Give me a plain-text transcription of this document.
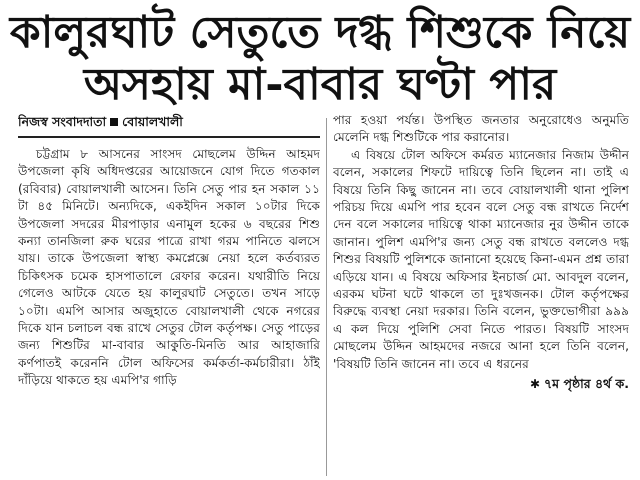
কালুরঘাট সেতুতে দগ্ধ শিশুকে নিয়ে
অসহায় মা-বাবার ঘণ্টা পার
নিজস্ব সংবাদদাতা বোয়ালখালী

চট্টগ্রাম ৮ আসনের সাংসদ মোছলেম উদ্দিন আহমদ উপজেলা কৃষি অধিদপ্তরের আয়োজনে যোগ দিতে গতকাল (রবিবার) বোয়ালখালী আসেন। তিনি সেতু পার হন সকাল ১১ টা ৪৫ মিনিটে। অন্যদিকে, একইদিন সকাল ১০টার দিকে উপজেলা সদরের মীরপাড়ার এনামুল হকের ৬ বছরের শিশু কন্যা তানজিলা রুক ঘরের পাত্রে রাখা গরম পানিতে ঝলসে যায়। তাকে উপজেলা স্বাস্থ্য কমপ্লেক্সে নেয়া হলে কর্তব্যরত চিকিৎসক চমেক হাসপাতালে রেফার করেন। যথারীতি নিয়ে গেলেও আটকে যেতে হয় কালুরঘাট সেতুতে। তখন সাড়ে ১০টা। এমপি আসার অজুহাতে বোয়ালখালী থেকে নগরের দিকে যান চলাচল বন্ধ রাখে সেতুর টোল কর্তৃপক্ষ। সেতু পাড়ের জন্য শিশুটির মা-বাবার আকুতি-মিনতি আর আহাজারি কর্ণপাতই করেননি টোল অফিসের কর্মকর্তা-কর্মচারীরা। ঠাঁই দাঁড়িয়ে থাকতে হয় এমপি'র গাড়ি

পার হওয়া পর্যন্ত। উপস্থিত জনতার অনুরোধেও অনুমতি মেলেনি দগ্ধ শিশুটিকে পার করানোর।

এ বিষয়ে টোল অফিসে কর্মরত ম্যানেজার নিজাম উদ্দীন বলেন, সকালের শিফটে দায়িত্বে তিনি ছিলেন না। তাই এ বিষয়ে তিনি কিছু জানেন না। তবে বোয়ালখালী থানা পুলিশ পরিচয় দিয়ে এমপি পার হবেন বলে সেতু বন্ধ রাখতে নির্দেশ দেন বলে সকালের দায়িত্বে থাকা ম্যানেজার নুর উদ্দীন তাকে জানান। পুলিশ এমপি'র জন্য সেতু বন্ধ রাখতে বললেও দগ্ধ শিশুর বিষয়টি পুলিশকে জানানো হয়েছে কিনা-এমন প্রশ্ন তারা এড়িয়ে যান। এ বিষয়ে অফিসার ইনচার্জ মো. আবদুল বলেন, এরকম ঘটনা ঘটে থাকলে তা দুঃখজনক। টোল কর্তৃপক্ষের বিরুদ্ধে ব্যবস্থা নেয়া দরকার। তিনি বলেন, ভুক্তভোগীরা ৯৯৯ এ কল দিয়ে পুলিশি সেবা নিতে পারত। বিষয়টি সাংসদ মোছলেম উদ্দিন আহমদের নজরে আনা হলে তিনি বলেন, 'বিষয়টি তিনি জানেন না। তবে এ ধরনের

✱ ৭ম পৃষ্ঠার ৪র্থ ক.
